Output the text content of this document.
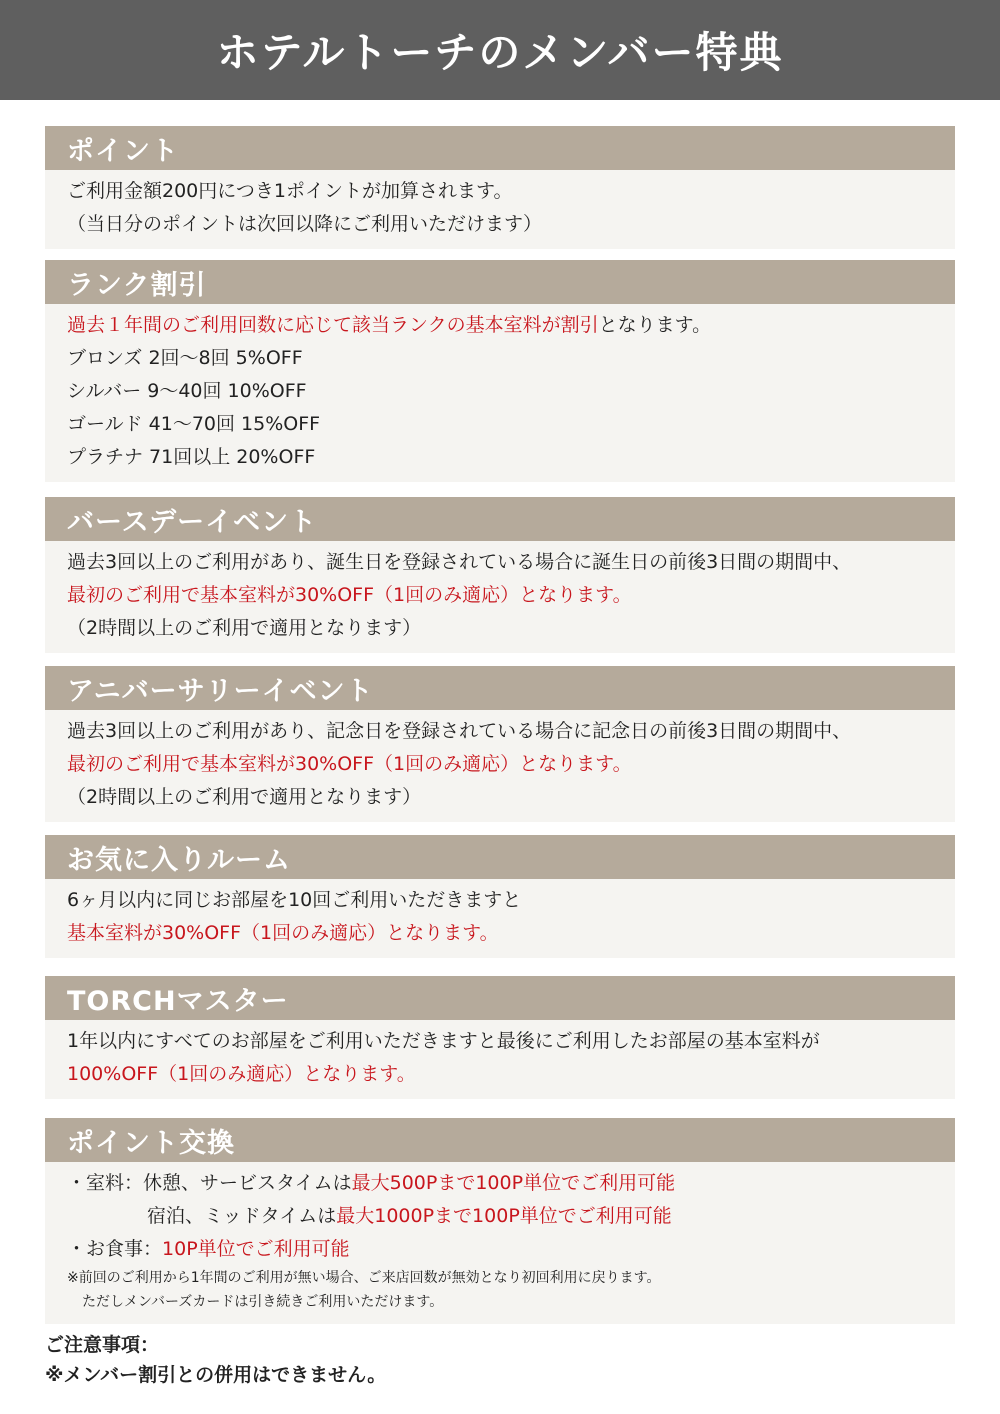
ホテルトーチのメンバー特典
ポイント
ご利用金額200円につき1ポイントが加算されます。
（当日分のポイントは次回以降にご利用いただけます）
ランク割引
過去１年間のご利用回数に応じて該当ランクの基本室料が割引となります。
ブロンズ 2回〜8回 5%OFF
シルバー 9〜40回 10%OFF
ゴールド 41〜70回 15%OFF
プラチナ 71回以上 20%OFF
バースデーイベント
過去3回以上のご利用があり、誕生日を登録されている場合に誕生日の前後3日間の期間中、
最初のご利用で基本室料が30%OFF（1回のみ適応）となります。
（2時間以上のご利用で適用となります）
アニバーサリーイベント
過去3回以上のご利用があり、記念日を登録されている場合に記念日の前後3日間の期間中、
最初のご利用で基本室料が30%OFF（1回のみ適応）となります。
（2時間以上のご利用で適用となります）
お気に入りルーム
6ヶ月以内に同じお部屋を10回ご利用いただきますと
基本室料が30%OFF（1回のみ適応）となります。
TORCHマスター
1年以内にすべてのお部屋をご利用いただきますと最後にご利用したお部屋の基本室料が
100%OFF（1回のみ適応）となります。
ポイント交換
・室料：休憩、サービスタイムは最大500Pまで100P単位でご利用可能
宿泊、ミッドタイムは最大1000Pまで100P単位でご利用可能
・お食事：10P単位でご利用可能
※前回のご利用から1年間のご利用が無い場合、ご来店回数が無効となり初回利用に戻ります。
ただしメンバーズカードは引き続きご利用いただけます。
ご注意事項：
※メンバー割引との併用はできません。
